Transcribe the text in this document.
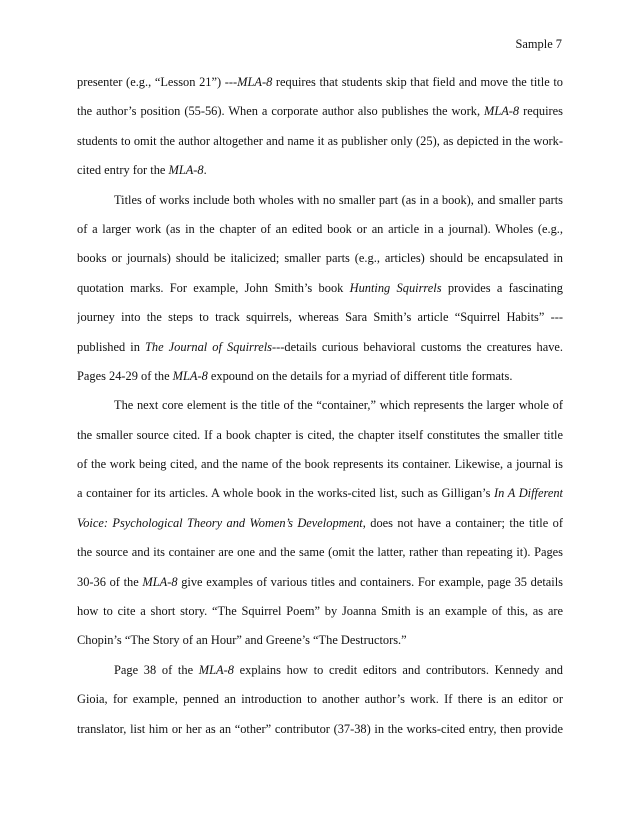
Sample 7
presenter (e.g., “Lesson 21”) ---MLA-8 requires that students skip that field and move the title to
the author’s position (55-56). When a corporate author also publishes the work, MLA-8 requires
students to omit the author altogether and name it as publisher only (25), as depicted in the work-
cited entry for the MLA-8.
Titles of works include both wholes with no smaller part (as in a book), and smaller parts
of a larger work (as in the chapter of an edited book or an article in a journal). Wholes (e.g.,
books or journals) should be italicized; smaller parts (e.g., articles) should be encapsulated in
quotation marks. For example, John Smith’s book Hunting Squirrels provides a fascinating
journey into the steps to track squirrels, whereas Sara Smith’s article “Squirrel Habits” ---
published in The Journal of Squirrels---details curious behavioral customs the creatures have.
Pages 24-29 of the MLA-8 expound on the details for a myriad of different title formats.
The next core element is the title of the “container,” which represents the larger whole of
the smaller source cited. If a book chapter is cited, the chapter itself constitutes the smaller title
of the work being cited, and the name of the book represents its container. Likewise, a journal is
a container for its articles. A whole book in the works-cited list, such as Gilligan’s In A Different
Voice: Psychological Theory and Women’s Development, does not have a container; the title of
the source and its container are one and the same (omit the latter, rather than repeating it). Pages
30-36 of the MLA-8 give examples of various titles and containers. For example, page 35 details
how to cite a short story. “The Squirrel Poem” by Joanna Smith is an example of this, as are
Chopin’s “The Story of an Hour” and Greene’s “The Destructors.”
Page 38 of the MLA-8 explains how to credit editors and contributors. Kennedy and
Gioia, for example, penned an introduction to another author’s work. If there is an editor or
translator, list him or her as an “other” contributor (37-38) in the works-cited entry, then provide
